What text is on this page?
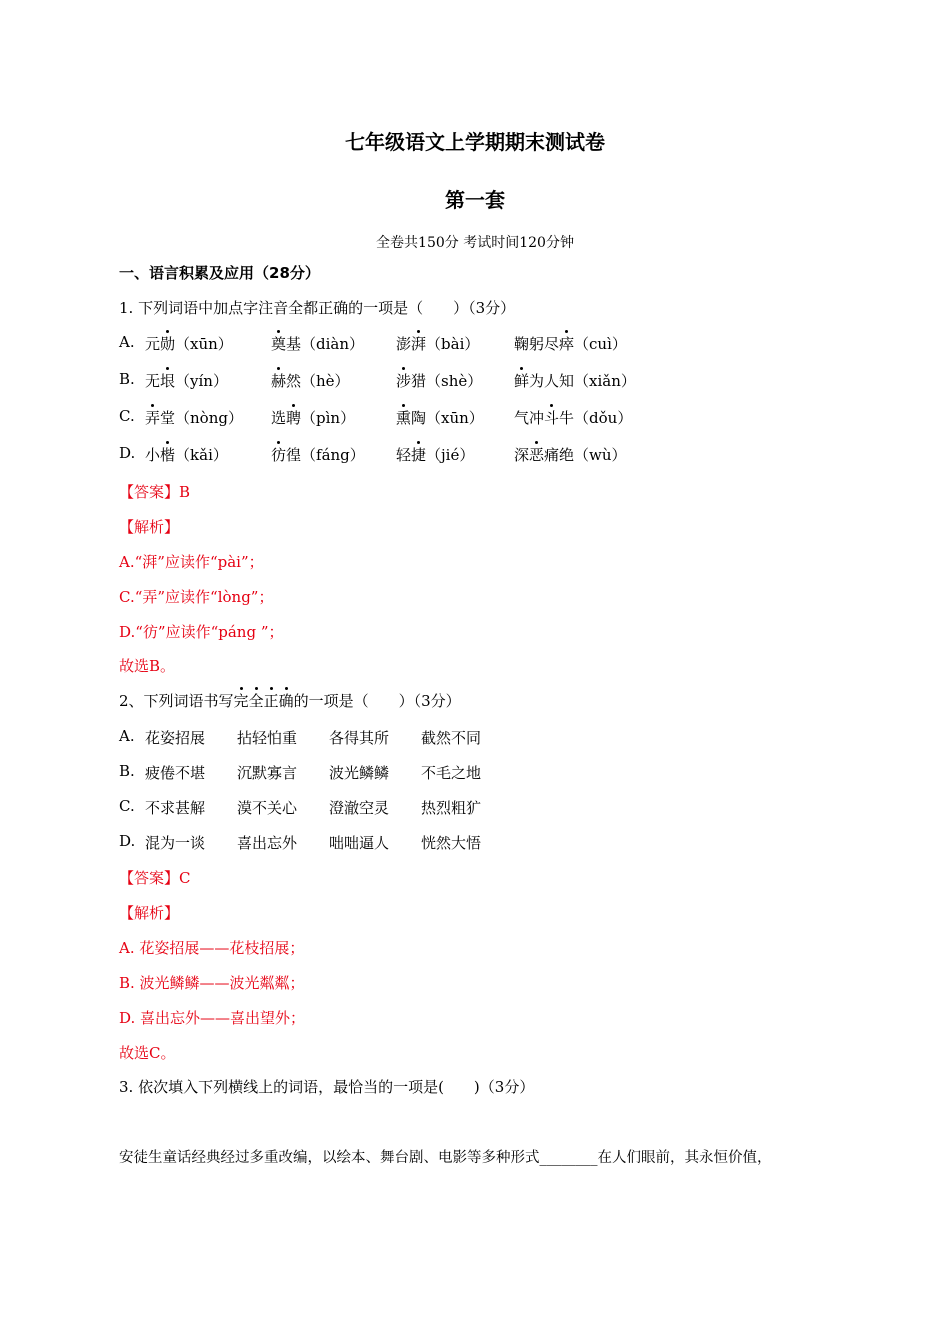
七年级语文上学期期末测试卷
第一套
全卷共150分 考试时间120分钟
一、语言积累及应用（28分）
1. 下列词语中加点字注音全都正确的一项是（　　）（3分）
A. 元勋（xūn）	奠基（diàn） 澎湃（bài） 鞠躬尽瘁（cuì）
B. 无垠（yín）	赫然（hè）	涉猎（shè） 鲜为人知（xiǎn）
C. 弄堂（nòng） 选聘（pìn）	熏陶（xūn） 气冲斗牛（dǒu）
D. 小楷（kǎi）	彷徨（fáng） 轻捷（jié）	深恶痛绝（wù）
【答案】B
【解析】
A.“湃”应读作“pài”；
C.“弄”应读作“lòng”；
D.“彷”应读作“páng ”；
故选B。
2、下列词语书写完全正确的一项是（　　）（3分）
A. 花姿招展 拈轻怕重 各得其所 截然不同
B. 疲倦不堪 沉默寡言 波光鳞鳞 不毛之地
C. 不求甚解 漠不关心 澄澈空灵 热烈粗犷
D. 混为一谈 喜出忘外 咄咄逼人 恍然大悟
【答案】C
【解析】
A. 花姿招展——花枝招展；
B. 波光鳞鳞——波光粼粼；
D. 喜出忘外——喜出望外；
故选C。
3. 依次填入下列横线上的词语，最恰当的一项是(　　)（3分）
安徒生童话经典经过多重改编，以绘本、舞台剧、电影等多种形式________在人们眼前，其永恒价值，
